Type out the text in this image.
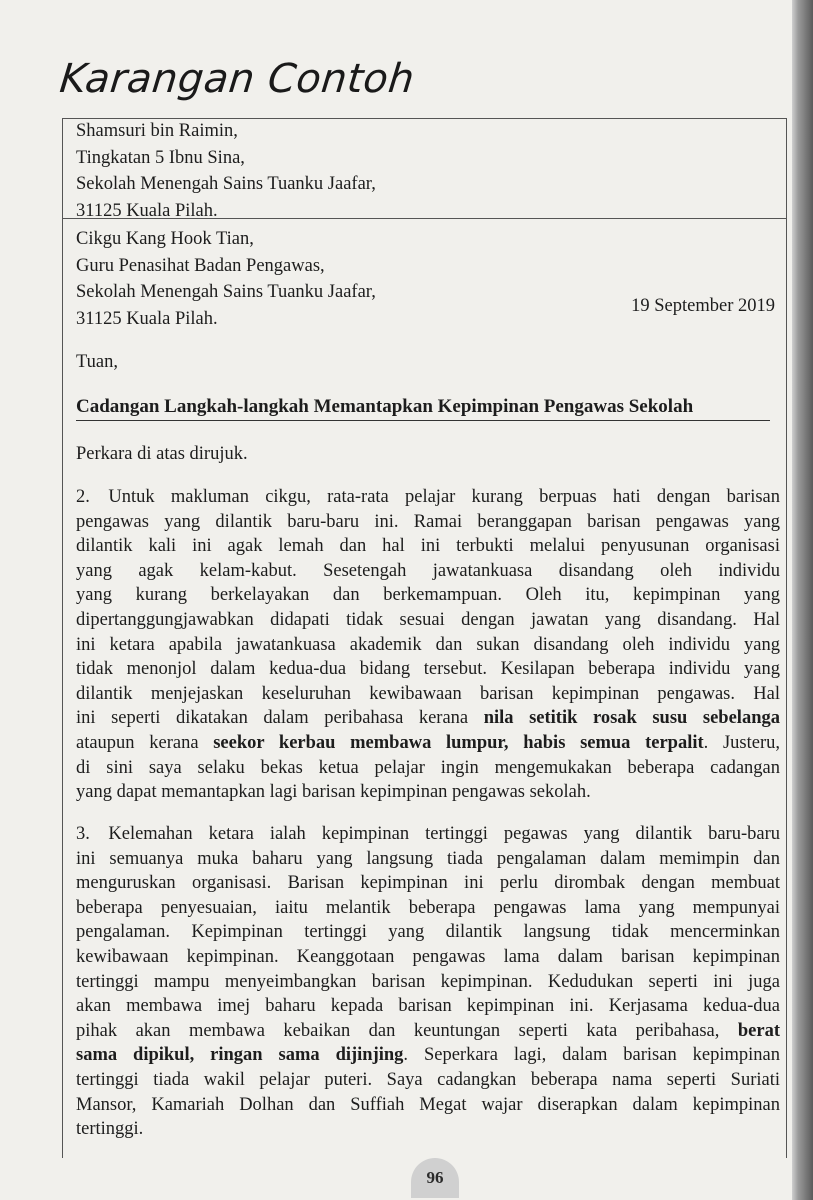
Karangan Contoh
Shamsuri bin Raimin,
Tingkatan 5 Ibnu Sina,
Sekolah Menengah Sains Tuanku Jaafar,
31125 Kuala Pilah.
Cikgu Kang Hook Tian,
Guru Penasihat Badan Pengawas,
Sekolah Menengah Sains Tuanku Jaafar,
31125 Kuala Pilah.
19 September 2019
Tuan,
Cadangan Langkah-langkah Memantapkan Kepimpinan Pengawas Sekolah
Perkara di atas dirujuk.
2. Untuk makluman cikgu, rata-rata pelajar kurang berpuas hati dengan barisan
pengawas yang dilantik baru-baru ini. Ramai beranggapan barisan pengawas yang
dilantik kali ini agak lemah dan hal ini terbukti melalui penyusunan organisasi
yang agak kelam-kabut. Sesetengah jawatankuasa disandang oleh individu
yang kurang berkelayakan dan berkemampuan. Oleh itu, kepimpinan yang
dipertanggungjawabkan didapati tidak sesuai dengan jawatan yang disandang. Hal
ini ketara apabila jawatankuasa akademik dan sukan disandang oleh individu yang
tidak menonjol dalam kedua-dua bidang tersebut. Kesilapan beberapa individu yang
dilantik menjejaskan keseluruhan kewibawaan barisan kepimpinan pengawas. Hal
ini seperti dikatakan dalam peribahasa kerana nila setitik rosak susu sebelanga
ataupun kerana seekor kerbau membawa lumpur, habis semua terpalit. Justeru,
di sini saya selaku bekas ketua pelajar ingin mengemukakan beberapa cadangan
yang dapat memantapkan lagi barisan kepimpinan pengawas sekolah.
3. Kelemahan ketara ialah kepimpinan tertinggi pegawas yang dilantik baru-baru
ini semuanya muka baharu yang langsung tiada pengalaman dalam memimpin dan
menguruskan organisasi. Barisan kepimpinan ini perlu dirombak dengan membuat
beberapa penyesuaian, iaitu melantik beberapa pengawas lama yang mempunyai
pengalaman. Kepimpinan tertinggi yang dilantik langsung tidak mencerminkan
kewibawaan kepimpinan. Keanggotaan pengawas lama dalam barisan kepimpinan
tertinggi mampu menyeimbangkan barisan kepimpinan. Kedudukan seperti ini juga
akan membawa imej baharu kepada barisan kepimpinan ini. Kerjasama kedua-dua
pihak akan membawa kebaikan dan keuntungan seperti kata peribahasa, berat
sama dipikul, ringan sama dijinjing. Seperkara lagi, dalam barisan kepimpinan
tertinggi tiada wakil pelajar puteri. Saya cadangkan beberapa nama seperti Suriati
Mansor, Kamariah Dolhan dan Suffiah Megat wajar diserapkan dalam kepimpinan
tertinggi.
96
